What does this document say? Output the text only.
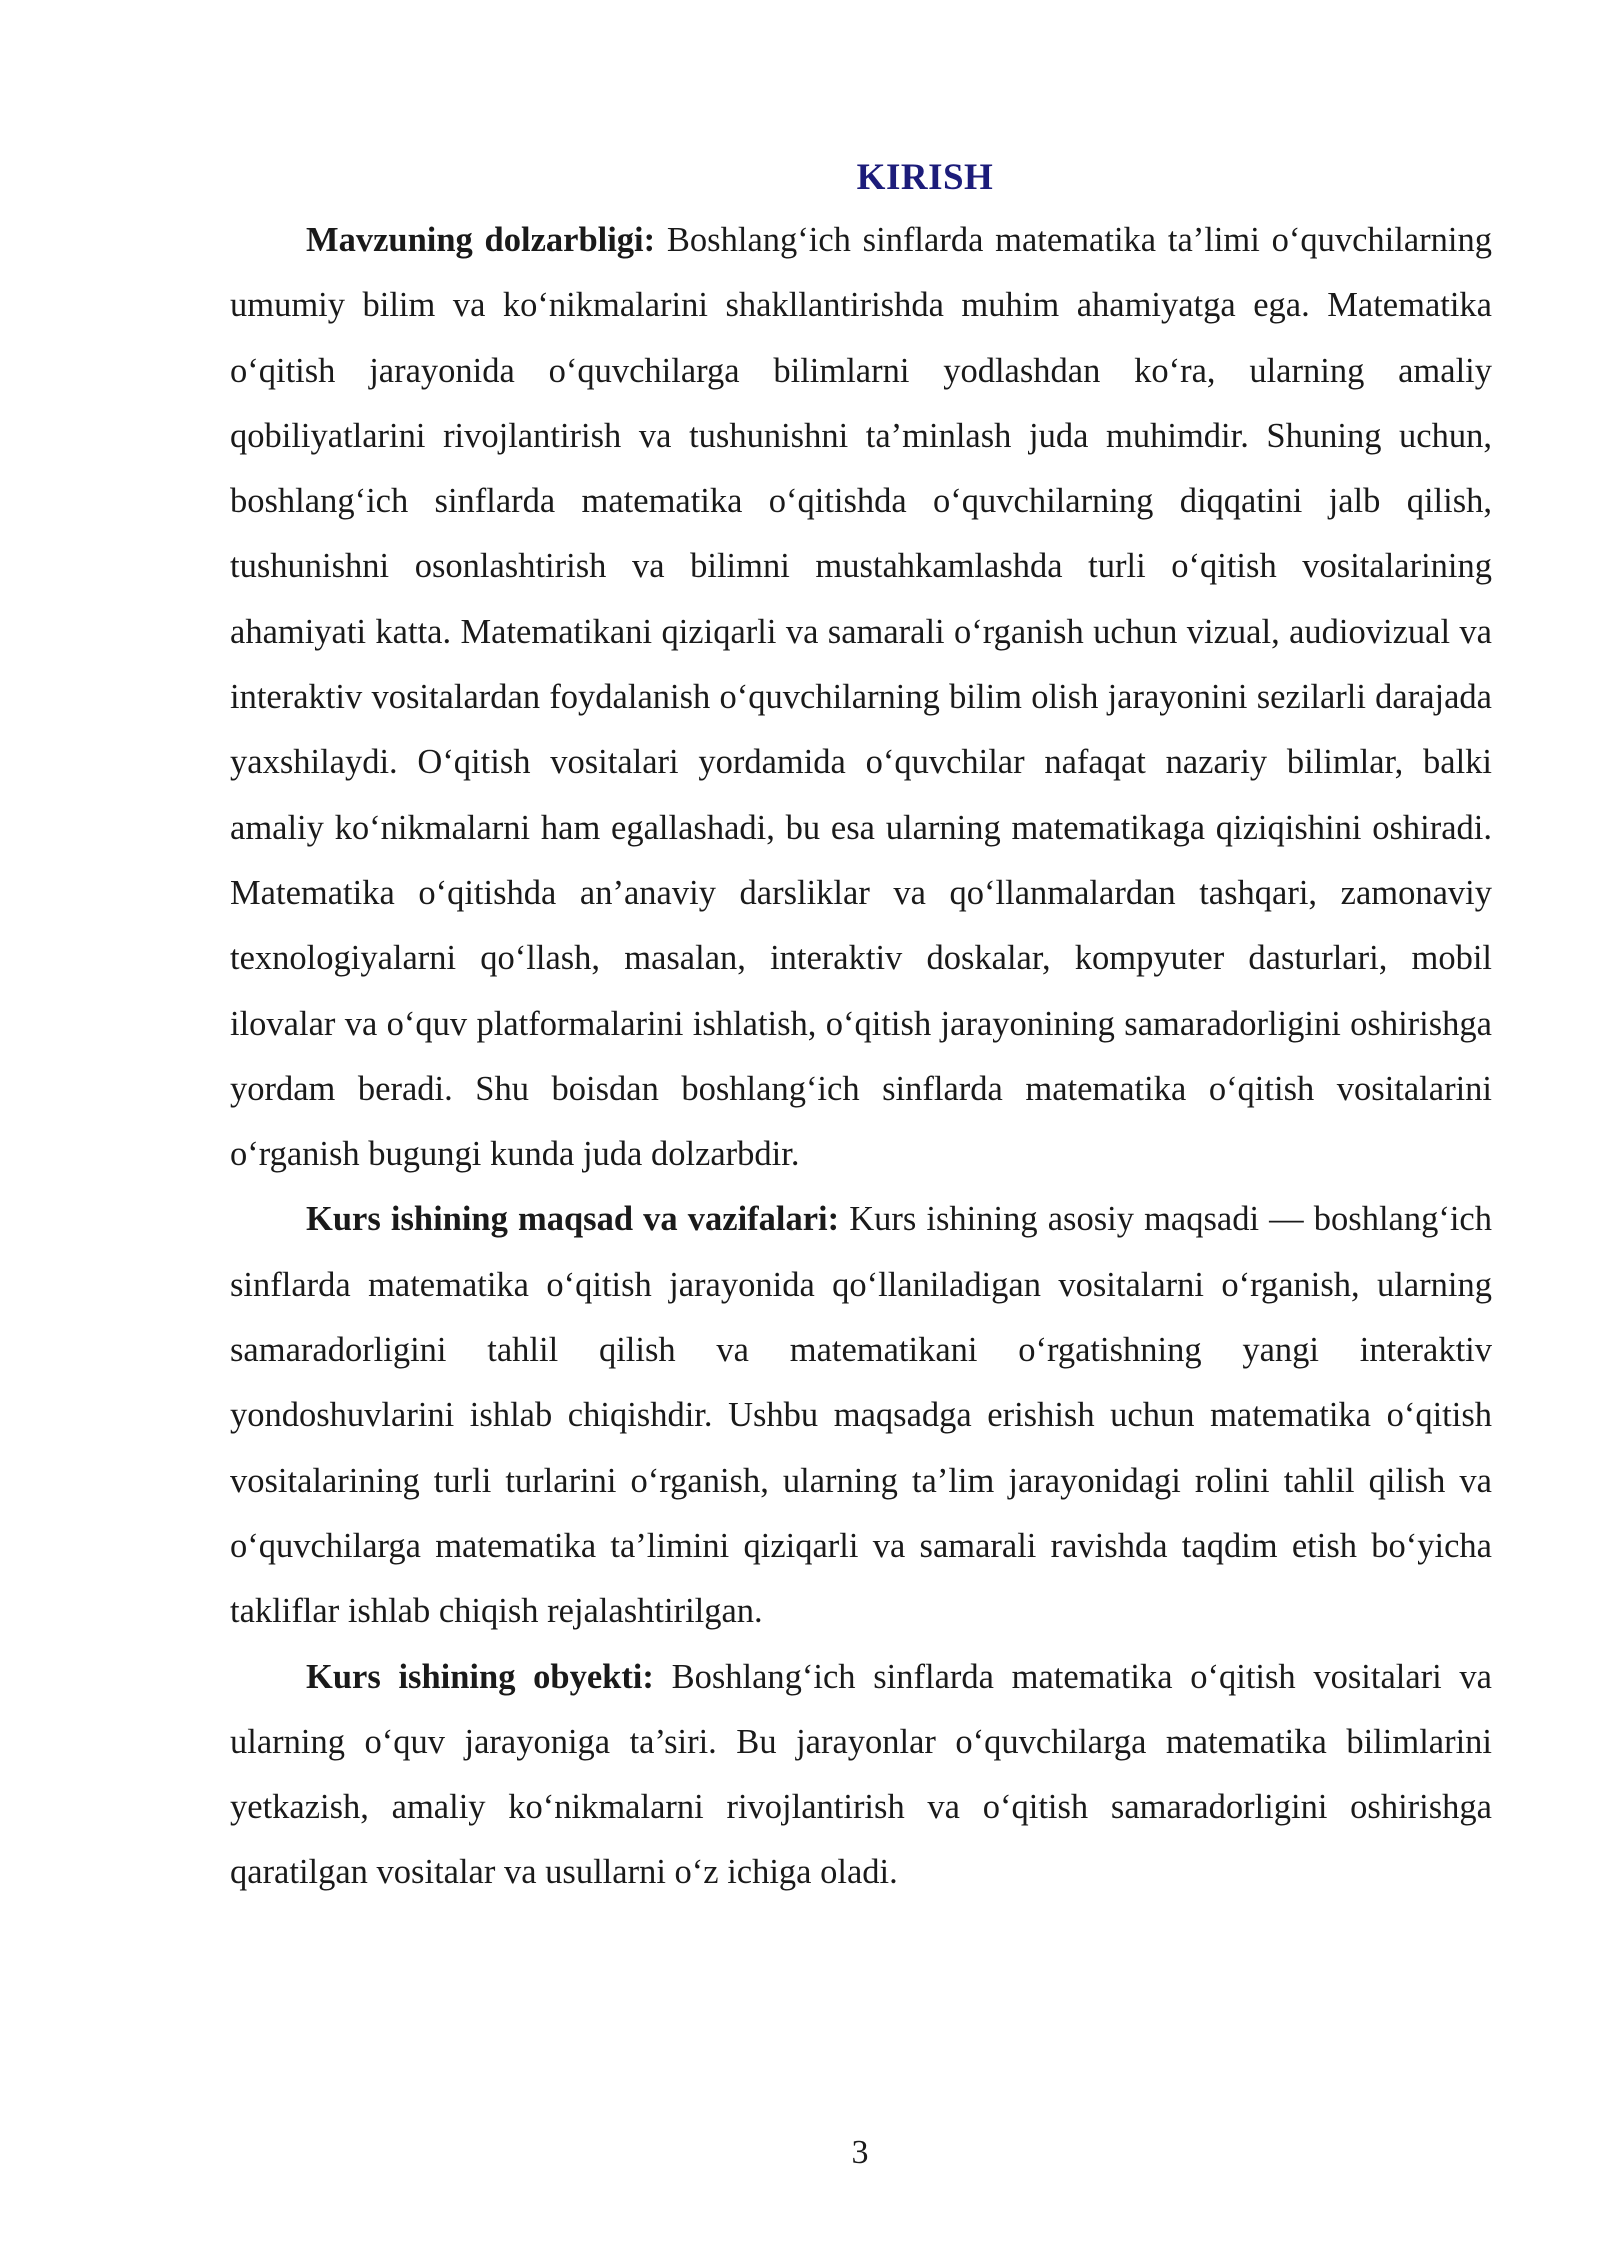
KIRISH

Mavzuning dolzarbligi: Boshlang‘ich sinflarda matematika ta’limi o‘quvchilarning umumiy bilim va ko‘nikmalarini shakllantirishda muhim ahamiyatga ega. Matematika o‘qitish jarayonida o‘quvchilarga bilimlarni yodlashdan ko‘ra, ularning amaliy qobiliyatlarini rivojlantirish va tushunishni ta’minlash juda muhimdir. Shuning uchun, boshlang‘ich sinflarda matematika o‘qitishda o‘quvchilarning diqqatini jalb qilish, tushunishni osonlashtirish va bilimni mustahkamlashda turli o‘qitish vositalarining ahamiyati katta. Matematikani qiziqarli va samarali o‘rganish uchun vizual, audiovizual va interaktiv vositalardan foydalanish o‘quvchilarning bilim olish jarayonini sezilarli darajada yaxshilaydi. O‘qitish vositalari yordamida o‘quvchilar nafaqat nazariy bilimlar, balki amaliy ko‘nikmalarni ham egallashadi, bu esa ularning matematikaga qiziqishini oshiradi. Matematika o‘qitishda an’anaviy darsliklar va qo‘llanmalardan tashqari, zamonaviy texnologiyalarni qo‘llash, masalan, interaktiv doskalar, kompyuter dasturlari, mobil ilovalar va o‘quv platformalarini ishlatish, o‘qitish jarayonining samaradorligini oshirishga yordam beradi. Shu boisdan boshlang‘ich sinflarda matematika o‘qitish vositalarini o‘rganish bugungi kunda juda dolzarbdir.

Kurs ishining maqsad va vazifalari: Kurs ishining asosiy maqsadi — boshlang‘ich sinflarda matematika o‘qitish jarayonida qo‘llaniladigan vositalarni o‘rganish, ularning samaradorligini tahlil qilish va matematikani o‘rgatishning yangi interaktiv yondoshuvlarini ishlab chiqishdir. Ushbu maqsadga erishish uchun matematika o‘qitish vositalarining turli turlarini o‘rganish, ularning ta’lim jarayonidagi rolini tahlil qilish va o‘quvchilarga matematika ta’limini qiziqarli va samarali ravishda taqdim etish bo‘yicha takliflar ishlab chiqish rejalashtirilgan.

Kurs ishining obyekti: Boshlang‘ich sinflarda matematika o‘qitish vositalari va ularning o‘quv jarayoniga ta’siri. Bu jarayonlar o‘quvchilarga matematika bilimlarini yetkazish, amaliy ko‘nikmalarni rivojlantirish va o‘qitish samaradorligini oshirishga qaratilgan vositalar va usullarni o‘z ichiga oladi.

3
